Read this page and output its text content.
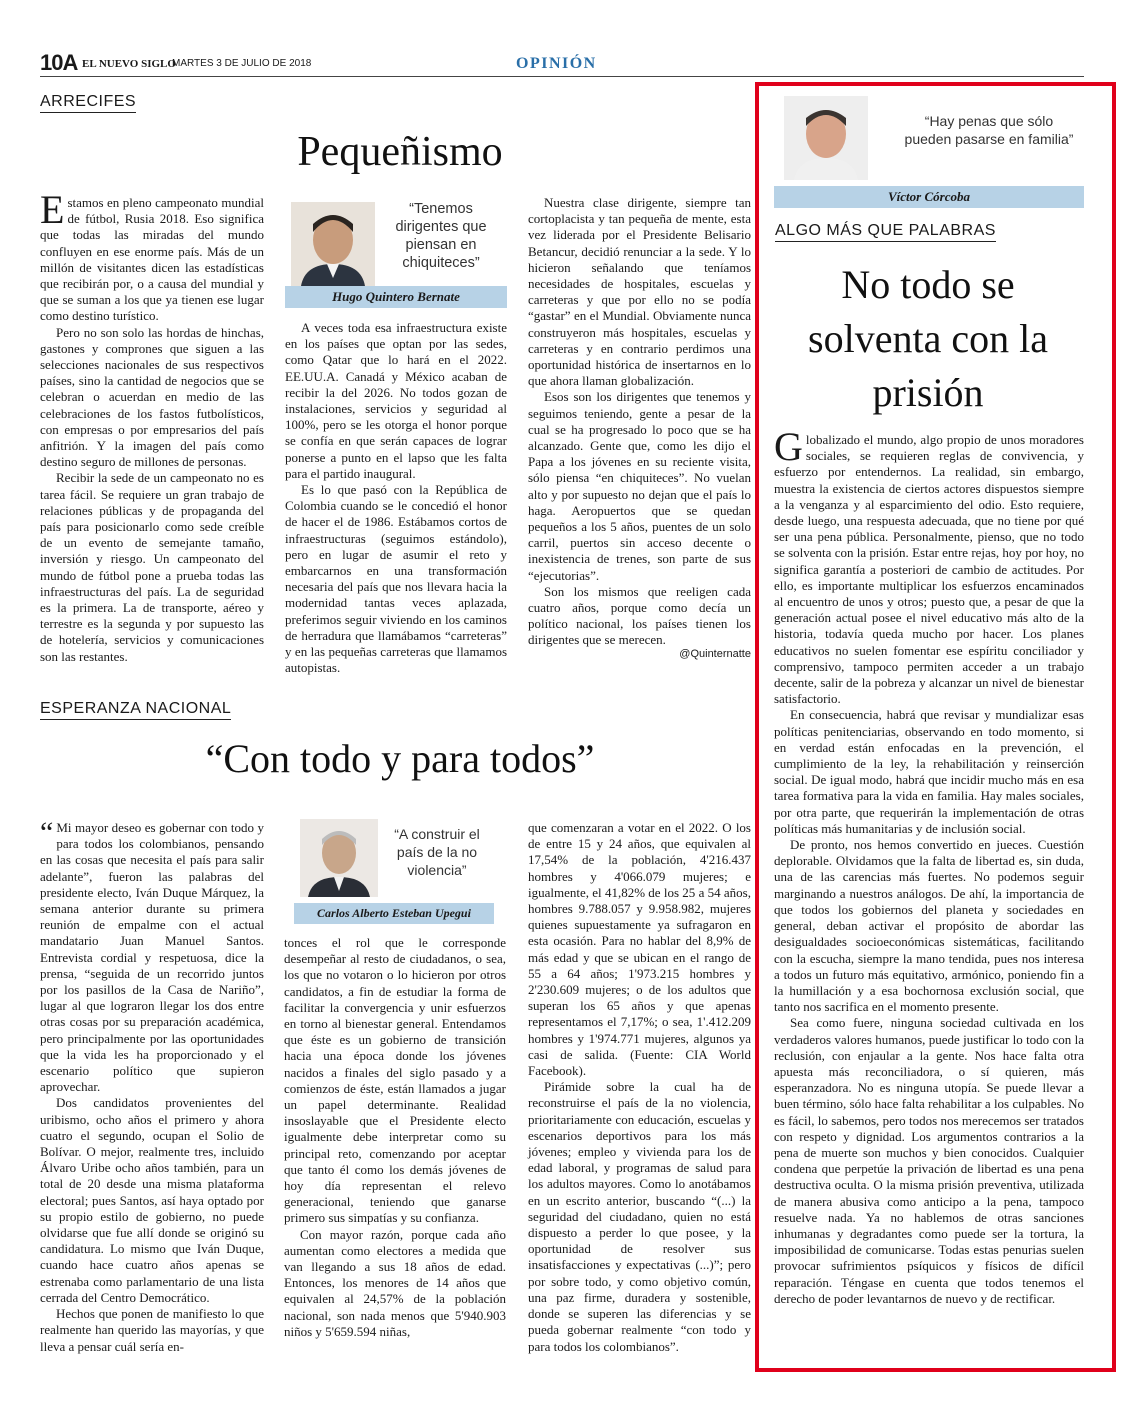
10A EL NUEVO SIGLO
MARTES 3 DE JULIO DE 2018	OPINIÓN
ARRECIFES
Pequeñismo
E stamos en pleno campeonato mundial de fútbol, Rusia 2018. Eso significa que todas las miradas del mundo confluyen en ese enorme país. Más de un millón de visitantes dicen las estadísticas que recibirán por, o a causa del mundial y que se suman a los que ya tienen ese lugar como destino turístico.

Pero no son solo las hordas de hinchas, gastones y comprones que siguen a las selecciones nacionales de sus respectivos países, sino la cantidad de negocios que se celebran o acuerdan en medio de las celebraciones de los fastos futbolísticos, con empresas o por empresarios del país anfitrión. Y la imagen del país como destino seguro de millones de personas.

Recibir la sede de un campeonato no es tarea fácil. Se requiere un gran trabajo de relaciones públicas y de propaganda del país para posicionarlo como sede creíble de un evento de semejante tamaño, inversión y riesgo. Un campeonato del mundo de fútbol pone a prueba todas las infraestructuras del país. La de seguridad es la primera. La de transporte, aéreo y terrestre es la segunda y por supuesto las de hotelería, servicios y comunicaciones son las restantes.

“Tenemos dirigentes que piensan en chiquiteces”
Hugo Quintero Bernate

A veces toda esa infraestructura existe en los países que optan por las sedes, como Qatar que lo hará en el 2022. EE.UU.A. Canadá y México acaban de recibir la del 2026. No todos gozan de instalaciones, servicios y seguridad al 100%, pero se les otorga el honor porque se confía en que serán capaces de lograr ponerse a punto en el lapso que les falta para el partido inaugural.

Es lo que pasó con la República de Colombia cuando se le concedió el honor de hacer el de 1986. Estábamos cortos de infraestructuras (seguimos estándolo), pero en lugar de asumir el reto y embarcarnos en una transformación necesaria del país que nos llevara hacia la modernidad tantas veces aplazada, preferimos seguir viviendo en los caminos de herradura que llamábamos “carreteras” y en las pequeñas carreteras que llamamos autopistas.

Nuestra clase dirigente, siempre tan cortoplacista y tan pequeña de mente, esta vez liderada por el Presidente Belisario Betancur, decidió renunciar a la sede. Y lo hicieron señalando que teníamos necesidades de hospitales, escuelas y carreteras y que por ello no se podía “gastar” en el Mundial. Obviamente nunca construyeron más hospitales, escuelas y carreteras y en contrario perdimos una oportunidad histórica de insertarnos en lo que ahora llaman globalización.

Esos son los dirigentes que tenemos y seguimos teniendo, gente a pesar de la cual se ha progresado lo poco que se ha alcanzado. Gente que, como les dijo el Papa a los jóvenes en su reciente visita, sólo piensa “en chiquiteces”. No vuelan alto y por supuesto no dejan que el país lo haga. Aeropuertos que se quedan pequeños a los 5 años, puentes de un solo carril, puertos sin acceso decente o inexistencia de trenes, son parte de sus “ejecutorias”.

Son los mismos que reeligen cada cuatro años, porque como decía un político nacional, los países tienen los dirigentes que se merecen.

@Quinternatte
ESPERANZA NACIONAL
“Con todo y para todos”
“ Mi mayor deseo es gobernar con todo y para todos los colombianos, pensando en las cosas que necesita el país para salir adelante”, fueron las palabras del presidente electo, Iván Duque Márquez, la semana anterior durante su primera reunión de empalme con el actual mandatario Juan Manuel Santos. Entrevista cordial y respetuosa, dice la prensa, “seguida de un recorrido juntos por los pasillos de la Casa de Nariño”, lugar al que lograron llegar los dos entre otras cosas por su preparación académica, pero principalmente por las oportunidades que la vida les ha proporcionado y el escenario político que supieron aprovechar.

Dos candidatos provenientes del uribismo, ocho años el primero y ahora cuatro el segundo, ocupan el Solio de Bolívar. O mejor, realmente tres, incluido Álvaro Uribe ocho años también, para un total de 20 desde una misma plataforma electoral; pues Santos, así haya optado por su propio estilo de gobierno, no puede olvidarse que fue allí donde se originó su candidatura. Lo mismo que Iván Duque, cuando hace cuatro años apenas se estrenaba como parlamentario de una lista cerrada del Centro Democrático.

Hechos que ponen de manifiesto lo que realmente han querido las mayorías, y que lleva a pensar cuál sería en-

“A construir el país de la no violencia”
Carlos Alberto Esteban Upegui

tonces el rol que le corresponde desempeñar al resto de ciudadanos, o sea, los que no votaron o lo hicieron por otros candidatos, a fin de estudiar la forma de facilitar la convergencia y unir esfuerzos en torno al bienestar general. Entendamos que éste es un gobierno de transición hacia una época donde los jóvenes nacidos a finales del siglo pasado y a comienzos de éste, están llamados a jugar un papel determinante. Realidad insoslayable que el Presidente electo igualmente debe interpretar como su principal reto, comenzando por aceptar que tanto él como los demás jóvenes de hoy día representan el relevo generacional, teniendo que ganarse primero sus simpatías y su confianza.

Con mayor razón, porque cada año aumentan como electores a medida que van llegando a sus 18 años de edad. Entonces, los menores de 14 años que equivalen al 24,57% de la población nacional, son nada menos que 5'940.903 niños y 5'659.594 niñas,

que comenzaran a votar en el 2022. O los de entre 15 y 24 años, que equivalen al 17,54% de la población, 4'216.437 hombres y 4'066.079 mujeres; e igualmente, el 41,82% de los 25 a 54 años, hombres 9.788.057 y 9.958.982, mujeres quienes supuestamente ya sufragaron en esta ocasión. Para no hablar del 8,9% de más edad y que se ubican en el rango de 55 a 64 años; 1'973.215 hombres y 2'230.609 mujeres; o de los adultos que superan los 65 años y que apenas representamos el 7,17%; o sea, 1'.412.209 hombres y 1'974.771 mujeres, algunos ya casi de salida. (Fuente: CIA World Facebook).

Pirámide sobre la cual ha de reconstruirse el país de la no violencia, prioritariamente con educación, escuelas y escenarios deportivos para los más jóvenes; empleo y vivienda para los de edad laboral, y programas de salud para los adultos mayores. Como lo anotábamos en un escrito anterior, buscando “(...) la seguridad del ciudadano, quien no está dispuesto a perder lo que posee, y la oportunidad de resolver sus insatisfacciones y expectativas (...)”; pero por sobre todo, y como objetivo común, una paz firme, duradera y sostenible, donde se superen las diferencias y se pueda gobernar realmente “con todo y para todos los colombianos”.

“Hay penas que sólo pueden pasarse en familia”
Víctor Córcoba
ALGO MÁS QUE PALABRAS
No todo se solventa con la prisión
G lobalizado el mundo, algo propio de unos moradores sociales, se requieren reglas de convivencia, y esfuerzo por entendernos. La realidad, sin embargo, muestra la existencia de ciertos actores dispuestos siempre a la venganza y al esparcimiento del odio. Esto requiere, desde luego, una respuesta adecuada, que no tiene por qué ser una pena pública. Personalmente, pienso, que no todo se solventa con la prisión. Estar entre rejas, hoy por hoy, no significa garantía a posteriori de cambio de actitudes. Por ello, es importante multiplicar los esfuerzos encaminados al encuentro de unos y otros; puesto que, a pesar de que la generación actual posee el nivel educativo más alto de la historia, todavía queda mucho por hacer. Los planes educativos no suelen fomentar ese espíritu conciliador y comprensivo, tampoco permiten acceder a un trabajo decente, salir de la pobreza y alcanzar un nivel de bienestar satisfactorio.

En consecuencia, habrá que revisar y mundializar esas políticas penitenciarias, observando en todo momento, si en verdad están enfocadas en la prevención, el cumplimiento de la ley, la rehabilitación y reinserción social. De igual modo, habrá que incidir mucho más en esa tarea formativa para la vida en familia. Hay males sociales, por otra parte, que requerirán la implementación de otras políticas más humanitarias y de inclusión social.

De pronto, nos hemos convertido en jueces. Cuestión deplorable. Olvidamos que la falta de libertad es, sin duda, una de las carencias más fuertes. No podemos seguir marginando a nuestros análogos. De ahí, la importancia de que todos los gobiernos del planeta y sociedades en general, deban activar el propósito de abordar las desigualdades socioeconómicas sistemáticas, facilitando con la escucha, siempre la mano tendida, pues nos interesa a todos un futuro más equitativo, armónico, poniendo fin a la humillación y a esa bochornosa exclusión social, que tanto nos sacrifica en el momento presente.

Sea como fuere, ninguna sociedad cultivada en los verdaderos valores humanos, puede justificar lo todo con la reclusión, con enjaular a la gente. Nos hace falta otra apuesta más reconciliadora, o sí quieren, más esperanzadora. No es ninguna utopía. Se puede llevar a buen término, sólo hace falta rehabilitar a los culpables. No es fácil, lo sabemos, pero todos nos merecemos ser tratados con respeto y dignidad. Los argumentos contrarios a la pena de muerte son muchos y bien conocidos. Cualquier condena que perpetúe la privación de libertad es una pena destructiva oculta. O la misma prisión preventiva, utilizada de manera abusiva como anticipo a la pena, tampoco resuelve nada. Ya no hablemos de otras sanciones inhumanas y degradantes como puede ser la tortura, la imposibilidad de comunicarse. Todas estas penurias suelen provocar sufrimientos psíquicos y físicos de difícil reparación. Téngase en cuenta que todos tenemos el derecho de poder levantarnos de nuevo y de rectificar.
